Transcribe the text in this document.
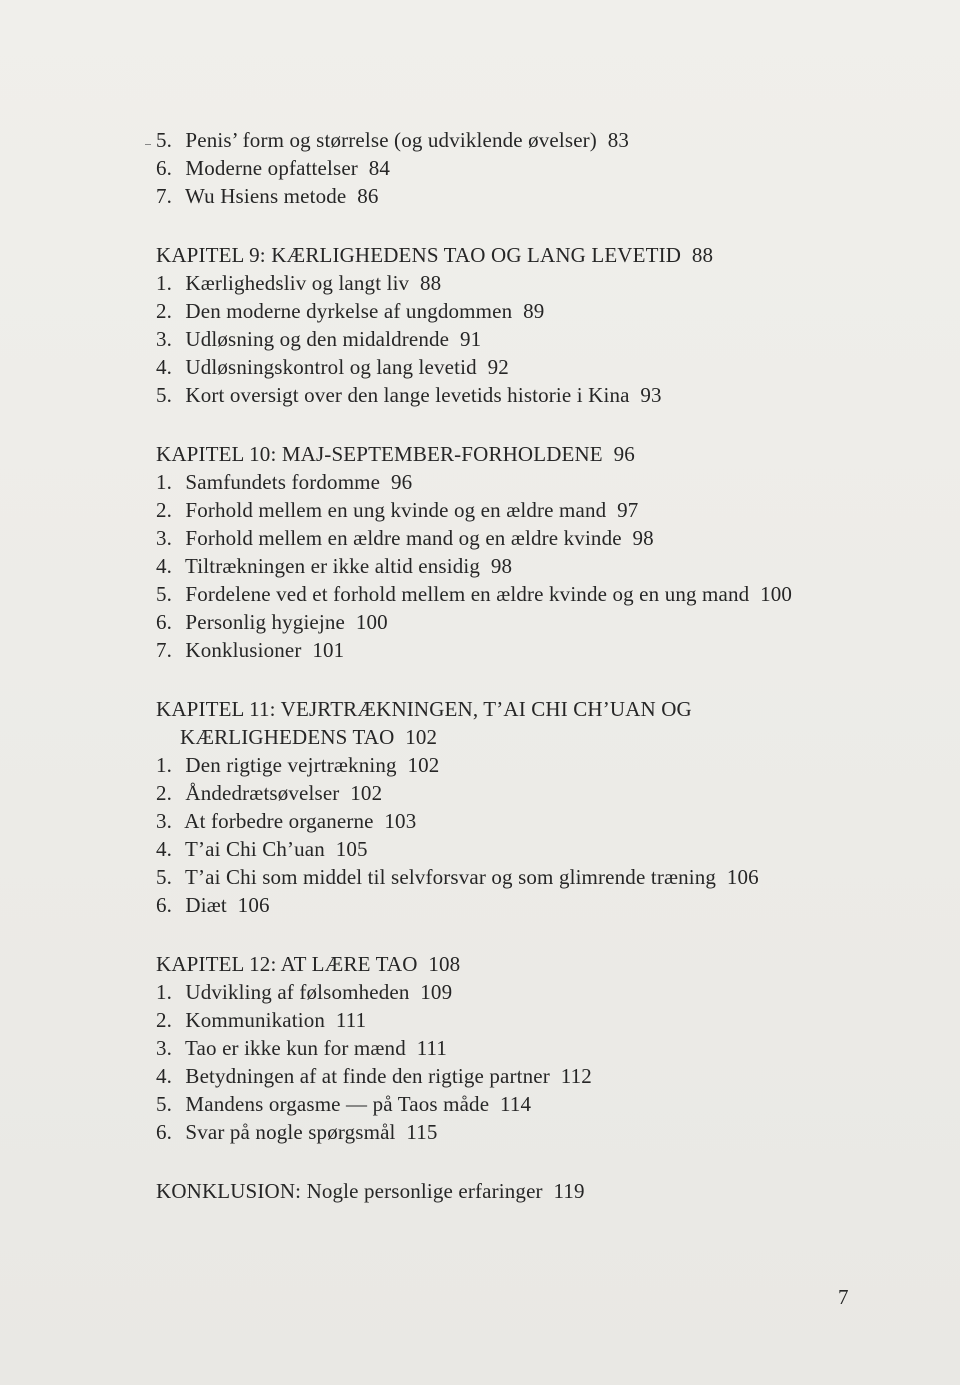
5. Penis’ form og størrelse (og udviklende øvelser) 83
6. Moderne opfattelser 84
7. Wu Hsiens metode 86
KAPITEL 9: KÆRLIGHEDENS TAO OG LANG LEVETID 88
1. Kærlighedsliv og langt liv 88
2. Den moderne dyrkelse af ungdommen 89
3. Udløsning og den midaldrende 91
4. Udløsningskontrol og lang levetid 92
5. Kort oversigt over den lange levetids historie i Kina 93
KAPITEL 10: MAJ-SEPTEMBER-FORHOLDENE 96
1. Samfundets fordomme 96
2. Forhold mellem en ung kvinde og en ældre mand 97
3. Forhold mellem en ældre mand og en ældre kvinde 98
4. Tiltrækningen er ikke altid ensidig 98
5. Fordelene ved et forhold mellem en ældre kvinde og en ung mand 100
6. Personlig hygiejne 100
7. Konklusioner 101
KAPITEL 11: VEJRTRÆKNINGEN, T’AI CHI CH’UAN OG
KÆRLIGHEDENS TAO 102
1. Den rigtige vejrtrækning 102
2. Åndedrætsøvelser 102
3. At forbedre organerne 103
4. T’ai Chi Ch’uan 105
5. T’ai Chi som middel til selvforsvar og som glimrende træning 106
6. Diæt 106
KAPITEL 12: AT LÆRE TAO 108
1. Udvikling af følsomheden 109
2. Kommunikation 111
3. Tao er ikke kun for mænd 111
4. Betydningen af at finde den rigtige partner 112
5. Mandens orgasme — på Taos måde 114
6. Svar på nogle spørgsmål 115
KONKLUSION: Nogle personlige erfaringer 119
7
